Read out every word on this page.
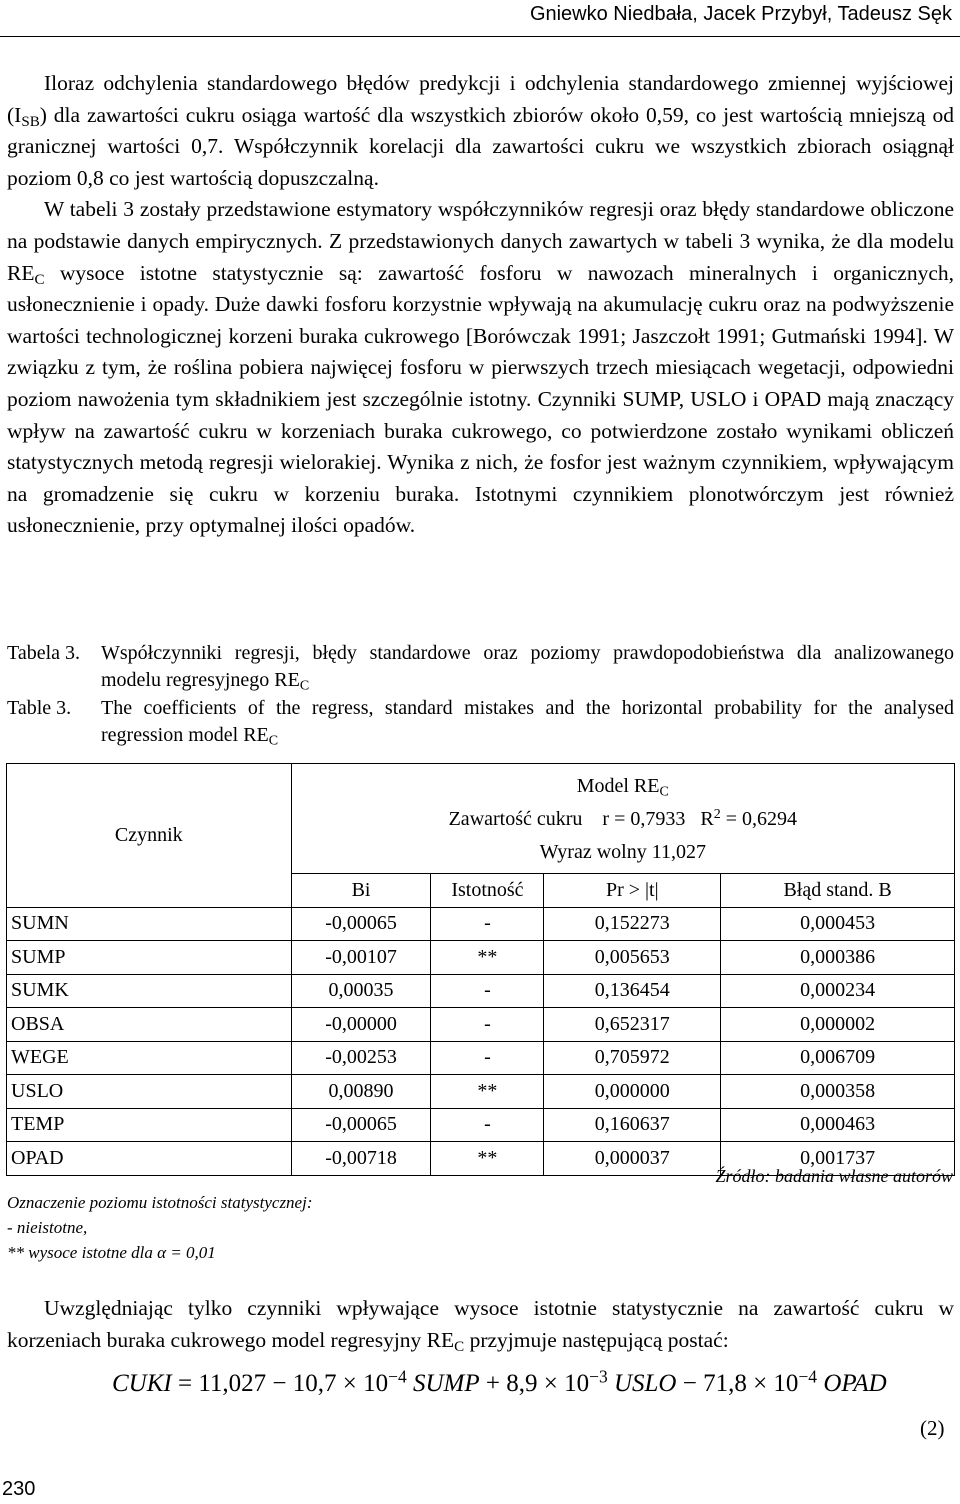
Gniewko Niedbała, Jacek Przybył, Tadeusz Sęk

Iloraz odchylenia standardowego błędów predykcji i odchylenia standardowego zmiennej wyjściowej $(I_{SB})$ dla zawartości cukru osiąga wartość dla wszystkich zbiorów około 0,59, co jest wartością mniejszą od granicznej wartości 0,7. Współczynnik korelacji dla zawartości cukru we wszystkich zbiorach osiągnął poziom 0,8 co jest wartością dopuszczalną.

W tabeli 3 zostały przedstawione estymatory współczynników regresji oraz błędy standardowe obliczone na podstawie danych empirycznych. Z przedstawionych danych zawartych w tabeli 3 wynika, że dla modelu $RE_C$ wysoce istotne statystycznie są: zawartość fosforu w nawozach mineralnych i organicznych, usłonecznienie i opady. Duże dawki fosforu korzystnie wpływają na akumulację cukru oraz na podwyższenie wartości technologicznej korzeni buraka cukrowego [Borówczak 1991; Jaszczołt 1991; Gutmański 1994]. W związku z tym, że roślina pobiera najwięcej fosforu w pierwszych trzech miesiącach wegetacji, odpowiedni poziom nawożenia tym składnikiem jest szczególnie istotny. Czynniki SUMP, USLO i OPAD mają znaczący wpływ na zawartość cukru w korzeniach buraka cukrowego, co potwierdzone zostało wynikami obliczeń statystycznych metodą regresji wielorakiej. Wynika z nich, że fosfor jest ważnym czynnikiem, wpływającym na gromadzenie się cukru w korzeniu buraka. Istotnymi czynnikiem plonotwórczym jest również usłonecznienie, przy optymalnej ilości opadów.

Tabela 3.	Współczynniki regresji, błędy standardowe oraz poziomy prawdopodobieństwa dla analizowanego modelu regresyjnego $RE_C$
Table 3.	The coefficients of the regress, standard mistakes and the horizontal probability for the analysed regression model $RE_C$
Czynnik	Model $RE_C$
Zawartość cukru    r = 0,7933   $R^2 = 0,6294$
Wyraz wolny 11,027			

	Bi	Istotność	Pr > |t|	Błąd stand. B
SUMN	-0,00065	-	0,152273	0,000453
SUMP	-0,00107	**	0,005653	0,000386
SUMK	0,00035	-	0,136454	0,000234
OBSA	-0,00000	-	0,652317	0,000002
WEGE	-0,00253	-	0,705972	0,006709
USLO	0,00890	**	0,000000	0,000358
TEMP	-0,00065	-	0,160637	0,000463
OPAD	-0,00718	**	0,000037	0,001737
Źródło: badania własne autorów
Oznaczenie poziomu istotności statystycznej:
- nieistotne,
** wysoce istotne dla α = 0,01

Uwzględniając tylko czynniki wpływające wysoce istotnie statystycznie na zawartość cukru w korzeniach buraka cukrowego model regresyjny $RE_C$ przyjmuje następującą postać:

CUKI = $11,027 - 10,7 \times 10^{-4}$ SUMP + $8,9 \times 10^{-3}$ USLO − $71,8 \times 10^{-4}$ OPAD
(2)
230
